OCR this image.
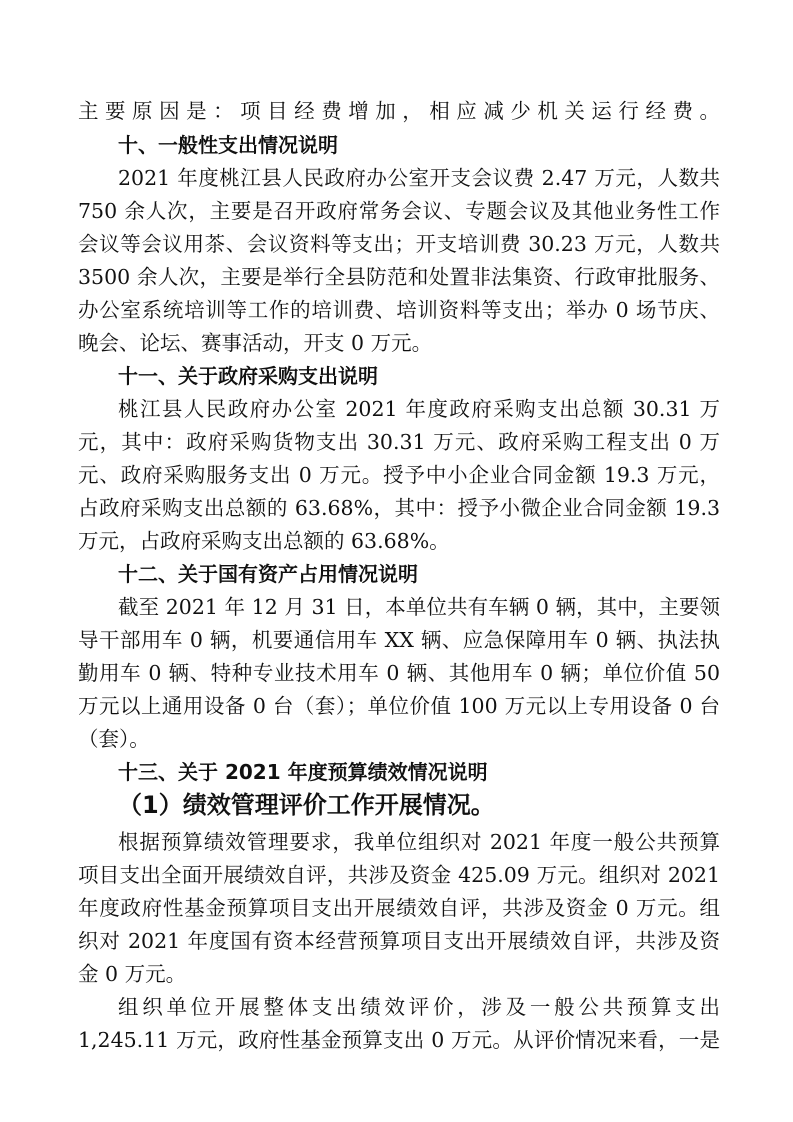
主要原因是：项目经费增加，相应减少机关运行经费。
十、一般性支出情况说明
2021 年度桃江县人民政府办公室开支会议费 2.47 万元，人数共
750 余人次，主要是召开政府常务会议、专题会议及其他业务性工作
会议等会议用茶、会议资料等支出；开支培训费 30.23 万元，人数共
3500 余人次，主要是举行全县防范和处置非法集资、行政审批服务、
办公室系统培训等工作的培训费、培训资料等支出；举办 0 场节庆、
晚会、论坛、赛事活动，开支 0 万元。
十一、关于政府采购支出说明
桃江县人民政府办公室 2021 年度政府采购支出总额 30.31 万
元，其中：政府采购货物支出 30.31 万元、政府采购工程支出 0 万
元、政府采购服务支出 0 万元。授予中小企业合同金额 19.3 万元，
占政府采购支出总额的 63.68%，其中：授予小微企业合同金额 19.3
万元，占政府采购支出总额的 63.68%。
十二、关于国有资产占用情况说明
截至 2021 年 12 月 31 日，本单位共有车辆 0 辆，其中，主要领
导干部用车 0 辆，机要通信用车 XX 辆、应急保障用车 0 辆、执法执
勤用车 0 辆、特种专业技术用车 0 辆、其他用车 0 辆；单位价值 50
万元以上通用设备 0 台（套）；单位价值 100 万元以上专用设备 0 台
（套）。
十三、关于 2021 年度预算绩效情况说明
（1）绩效管理评价工作开展情况。
根据预算绩效管理要求，我单位组织对 2021 年度一般公共预算
项目支出全面开展绩效自评，共涉及资金 425.09 万元。组织对 2021
年度政府性基金预算项目支出开展绩效自评，共涉及资金 0 万元。组
织对 2021 年度国有资本经营预算项目支出开展绩效自评，共涉及资
金 0 万元。
组织单位开展整体支出绩效评价，涉及一般公共预算支出
1,245.11 万元，政府性基金预算支出 0 万元。从评价情况来看，一是
